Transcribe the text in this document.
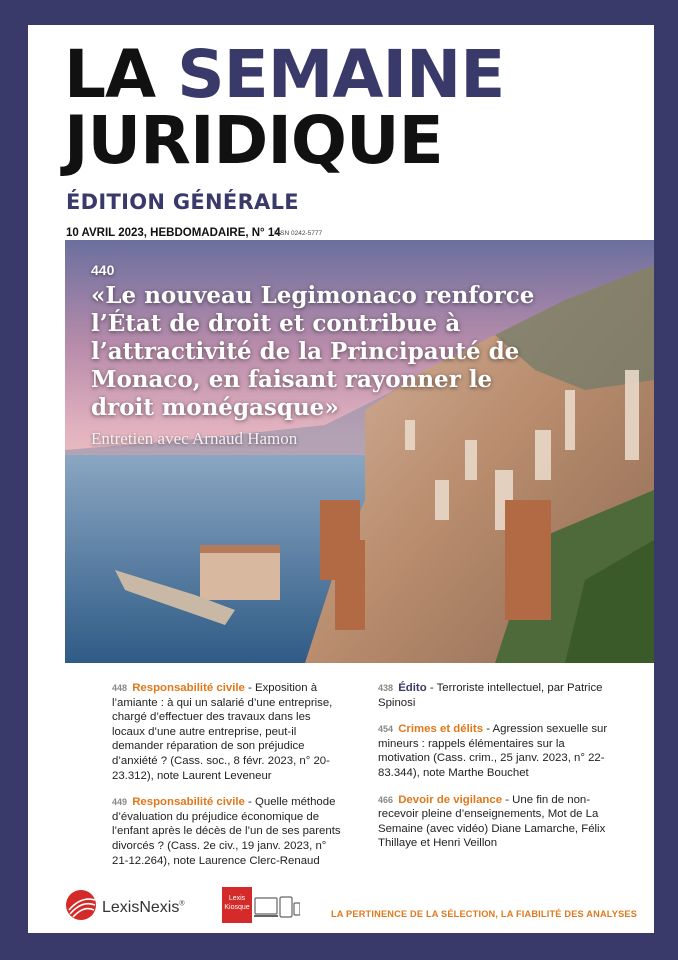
LA SEMAINE
JURIDIQUE
ÉDITION GÉNÉRALE
10 AVRIL 2023, HEBDOMADAIRE, N° 14
ISSN 0242-5777
440
«Le nouveau Legimonaco renforce l’État de droit et contribue à l’attractivité de la Principauté de Monaco, en faisant rayonner le droit monégasque»
Entretien avec Arnaud Hamon
448 Responsabilité civile - Exposition à l’amiante : à qui un salarié d’une entreprise, chargé d’effectuer des travaux dans les locaux d’une autre entreprise, peut-il demander réparation de son préjudice d’anxiété ? (Cass. soc., 8 févr. 2023, n° 20-23.312), note Laurent Leveneur
449 Responsabilité civile - Quelle méthode d’évaluation du préjudice économique de l’enfant après le décès de l’un de ses parents divorcés ? (Cass. 2e civ., 19 janv. 2023, n° 21-12.264), note Laurence Clerc-Renaud
438 Édito - Terroriste intellectuel, par Patrice Spinosi
454 Crimes et délits - Agression sexuelle sur mineurs : rappels élémentaires sur la motivation (Cass. crim., 25 janv. 2023, n° 22-83.344), note Marthe Bouchet
466 Devoir de vigilance - Une fin de non-recevoir pleine d’enseignements, Mot de La Semaine (avec vidéo) Diane Lamarche, Félix Thillaye et Henri Veillon
LexisNexis®
Lexis
Kiosque
LA PERTINENCE DE LA SÉLECTION, LA FIABILITÉ DES ANALYSES
